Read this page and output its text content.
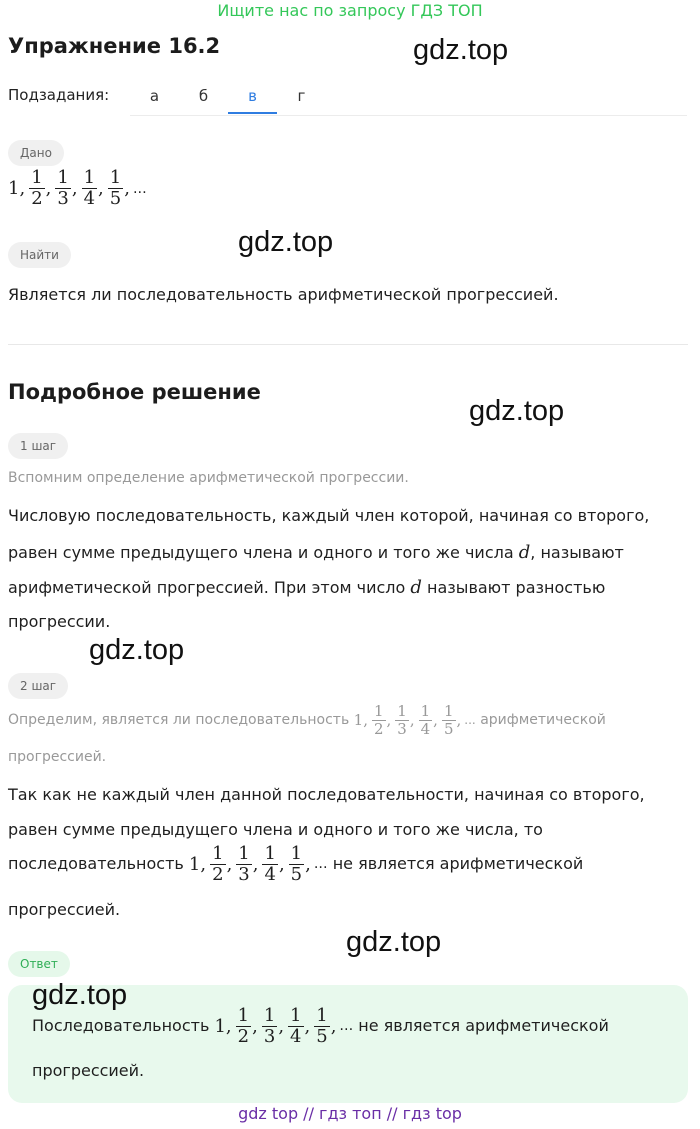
Ищите нас по запросу ГДЗ ТОП
Упражнение 16.2	gdz.top
Подзадания:	а	б	в	г
Дано
1, $\frac{1}{2}$ , $\frac{1}{3}$ , $\frac{1}{4}$ , $\frac{1}{5}$ , ...
gdz.top
Найти
Является ли последовательность арифметической прогрессией.
Подробное решение
gdz.top
1 шаг
Вспомним определение арифметической прогрессии.
Числовую последовательность, каждый член которой, начиная со второго,
равен сумме предыдущего члена и одного и того же числа d, называют
арифметической прогрессией. При этом число d называют разностью
прогрессии.
gdz.top
2 шаг
Определим, является ли последовательность
1, $\frac{1}{2}$ , $\frac{1}{3}$ , $\frac{1}{4}$ , $\frac{1}{5}$ , ...
арифметической
прогрессией.
Так как не каждый член данной последовательности, начиная со второго,
равен сумме предыдущего члена и одного и того же числа, то
последовательность
1, $\frac{1}{2}$ , $\frac{1}{3}$ , $\frac{1}{4}$ , $\frac{1}{5}$ , ...
не является арифметической
прогрессией.
gdz.top
Ответ
gdz.top
Последовательность
1, $\frac{1}{2}$ , $\frac{1}{3}$ , $\frac{1}{4}$ , $\frac{1}{5}$ , ...
не является арифметической
прогрессией.
gdz top // гдз топ // гдз top
